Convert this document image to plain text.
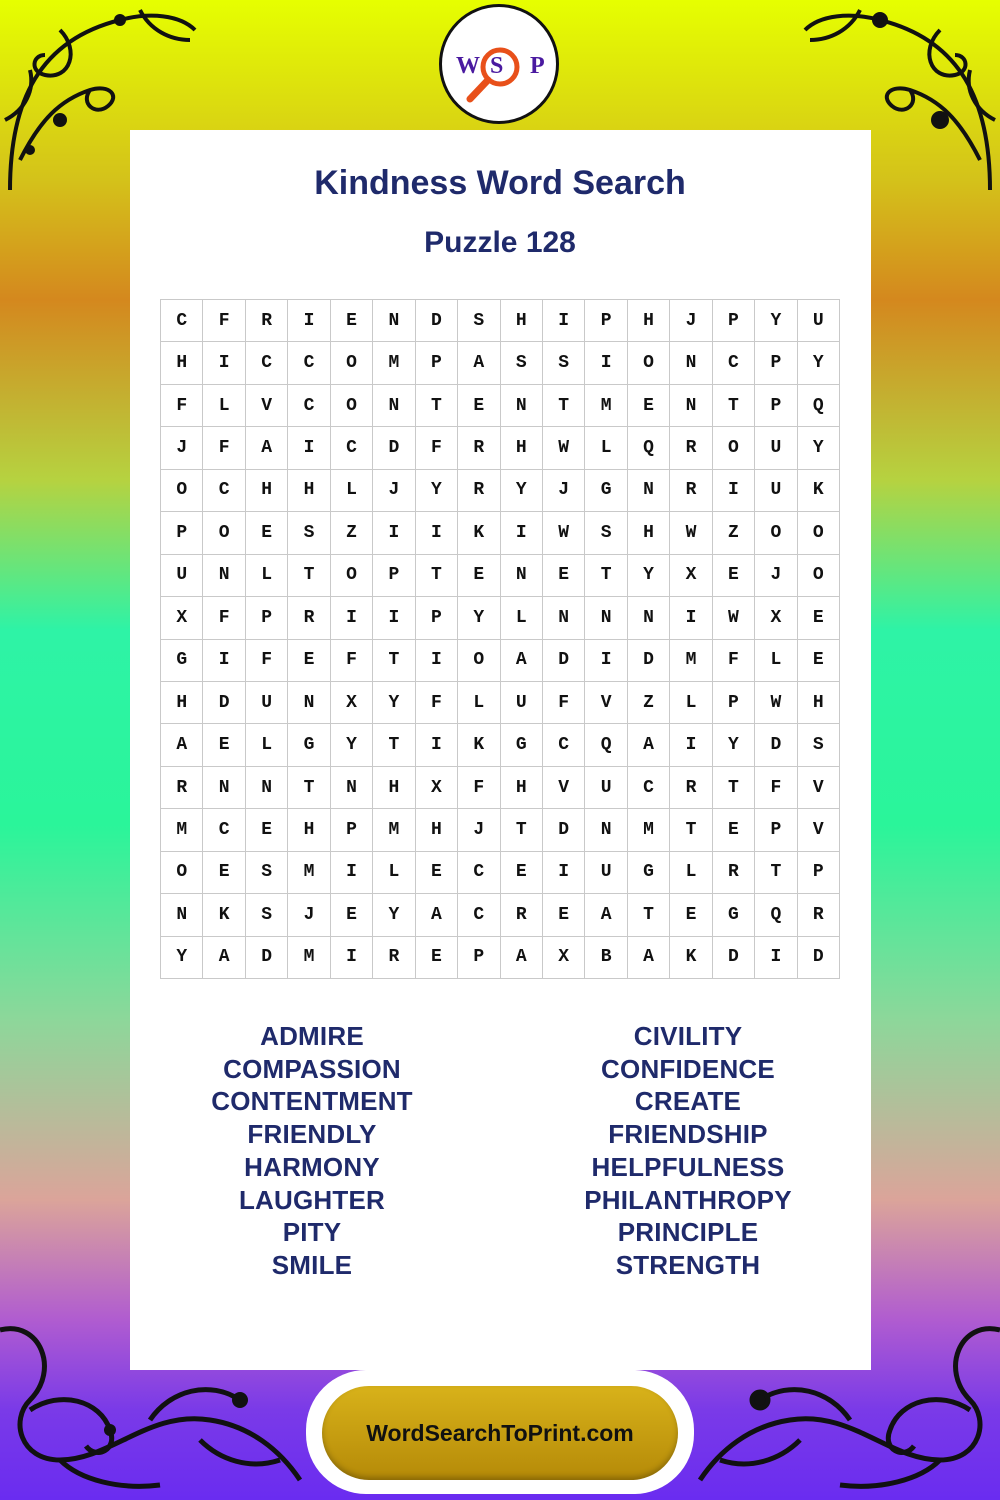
W P
S
Kindness Word Search
Puzzle 128
C	F	R	I	E	N	D	S	H	I	P	H	J	P	Y	U
H	I	C	C	O	M	P	A	S	S	I	O	N	C	P	Y
F	L	V	C	O	N	T	E	N	T	M	E	N	T	P	Q
J	F	A	I	C	D	F	R	H	W	L	Q	R	O	U	Y
O	C	H	H	L	J	Y	R	Y	J	G	N	R	I	U	K
P	O	E	S	Z	I	I	K	I	W	S	H	W	Z	O	O
U	N	L	T	O	P	T	E	N	E	T	Y	X	E	J	O
X	F	P	R	I	I	P	Y	L	N	N	N	I	W	X	E
G	I	F	E	F	T	I	O	A	D	I	D	M	F	L	E
H	D	U	N	X	Y	F	L	U	F	V	Z	L	P	W	H
A	E	L	G	Y	T	I	K	G	C	Q	A	I	Y	D	S
R	N	N	T	N	H	X	F	H	V	U	C	R	T	F	V
M	C	E	H	P	M	H	J	T	D	N	M	T	E	P	V
O	E	S	M	I	L	E	C	E	I	U	G	L	R	T	P
N	K	S	J	E	Y	A	C	R	E	A	T	E	G	Q	R
Y	A	D	M	I	R	E	P	A	X	B	A	K	D	I	D
ADMIRE
COMPASSION
CONTENTMENT
FRIENDLY
HARMONY
LAUGHTER
PITY
SMILE
CIVILITY
CONFIDENCE
CREATE
FRIENDSHIP
HELPFULNESS
PHILANTHROPY
PRINCIPLE
STRENGTH
WordSearchToPrint.com
